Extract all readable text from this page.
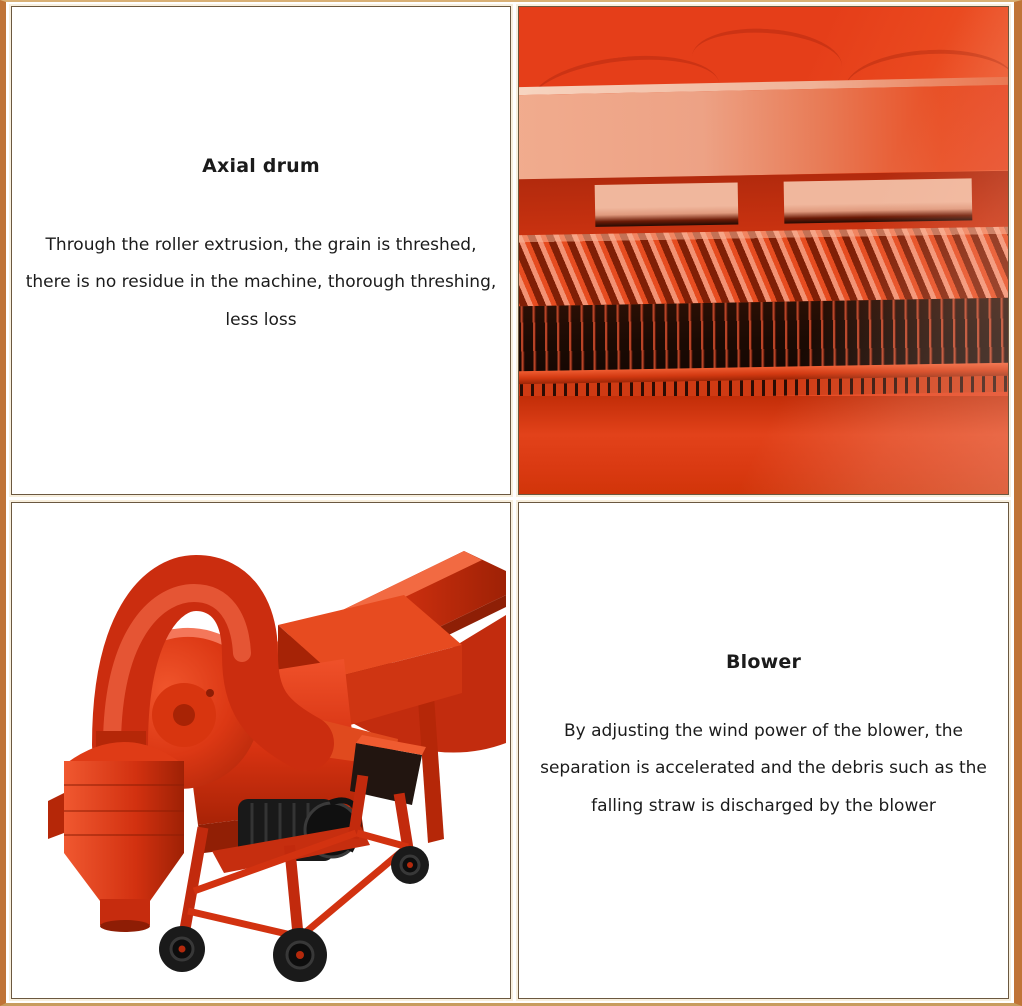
Axial drum
Through the roller extrusion, the grain is threshed, there is no residue in the machine, thorough threshing, less loss
Blower
By adjusting the wind power of the blower, the separation is accelerated and the debris such as the falling straw is discharged by the blower
